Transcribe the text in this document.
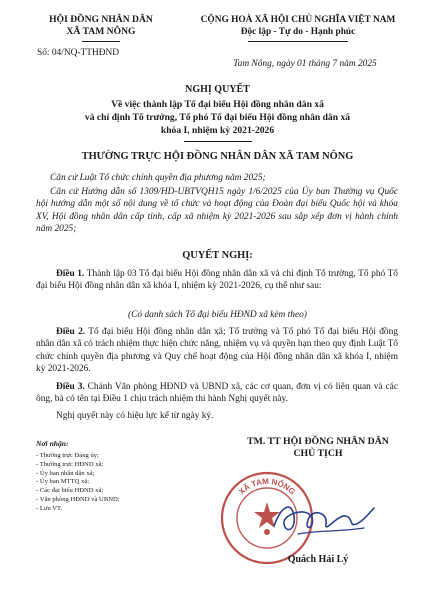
HỘI ĐỒNG NHÂN DÂN
XÃ TAM NÔNG
Số: 04/NQ-TTHĐND
CỘNG HOÀ XÃ HỘI CHỦ NGHĨA VIỆT NAM
Độc lập - Tự do - Hạnh phúc
Tam Nông, ngày 01 tháng 7 năm 2025
NGHỊ QUYẾT
Về việc thành lập Tổ đại biểu Hội đồng nhân dân xã
và chỉ định Tổ trưởng, Tổ phó Tổ đại biểu Hội đồng nhân dân xã
khóa I, nhiệm kỳ 2021-2026
THƯỜNG TRỰC HỘI ĐỒNG NHÂN DÂN XÃ TAM NÔNG
Căn cứ Luật Tổ chức chính quyền địa phương năm 2025;
Căn cứ Hướng dẫn số 1309/HD-UBTVQH15 ngày 1/6/2025 của Ủy ban Thường vụ Quốc hội hướng dẫn một số nội dung về tổ chức và hoạt động của Đoàn đại biểu Quốc hội và khóa XV, Hội đồng nhân dân cấp tỉnh, cấp xã nhiệm kỳ 2021-2026 sau sắp xếp đơn vị hành chính năm 2025;
QUYẾT NGHỊ:
Điều 1. Thành lập 03 Tổ đại biểu Hội đồng nhân dân xã và chỉ định Tổ trưởng, Tổ phó Tổ đại biểu Hội đồng nhân dân xã khóa I, nhiệm kỳ 2021-2026, cụ thể như sau:
(Có danh sách Tổ đại biểu HĐND xã kèm theo)
Điều 2. Tổ đại biểu Hội đồng nhân dân xã; Tổ trưởng và Tổ phó Tổ đại biểu Hội đồng nhân dân xã có trách nhiệm thực hiện chức năng, nhiệm vụ và quyền hạn theo quy định Luật Tổ chức chính quyền địa phương và Quy chế hoạt động của Hội đồng nhân dân xã khóa I, nhiệm kỳ 2021-2026.
Điều 3. Chánh Văn phòng HĐND và UBND xã, các cơ quan, đơn vị có liên quan và các ông, bà có tên tại Điều 1 chịu trách nhiệm thi hành Nghị quyết này.
Nghị quyết này có hiệu lực kể từ ngày ký.
Nơi nhận:
- Thường trực Đảng ủy;
- Thường trực HĐND xã;
- Ủy ban nhân dân xã;
- Ủy ban MTTQ xã;
- Các đại biểu HĐND xã;
- Văn phòng HĐND và UBND;
- Lưu VT.
TM. TT HỘI ĐỒNG NHÂN DÂN
CHỦ TỊCH
XÃ TAM NÔNG
Quách Hải Lý
